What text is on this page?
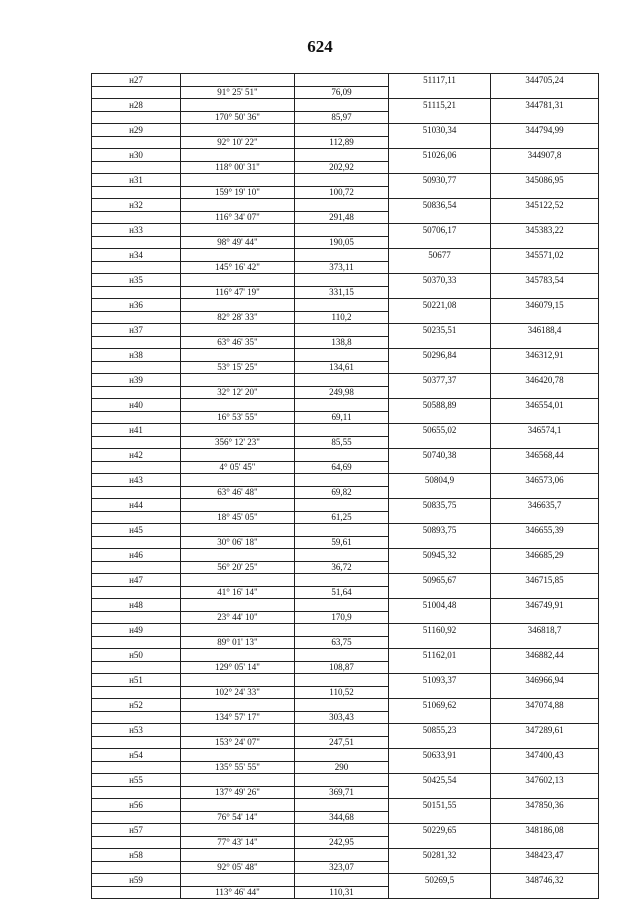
624
н27			51117,11	344705,24
	91° 25' 51"	76,09		
н28			51115,21	344781,31
	170° 50' 36"	85,97		
н29			51030,34	344794,99
	92° 10' 22"	112,89		
н30			51026,06	344907,8
	118° 00' 31"	202,92		
н31			50930,77	345086,95
	159° 19' 10"	100,72		
н32			50836,54	345122,52
	116° 34' 07"	291,48		
н33			50706,17	345383,22
	98° 49' 44"	190,05		
н34			50677	345571,02
	145° 16' 42"	373,11		
н35			50370,33	345783,54
	116° 47' 19"	331,15		
н36			50221,08	346079,15
	82° 28' 33"	110,2		
н37			50235,51	346188,4
	63° 46' 35"	138,8		
н38			50296,84	346312,91
	53° 15' 25"	134,61		
н39			50377,37	346420,78
	32° 12' 20"	249,98		
н40			50588,89	346554,01
	16° 53' 55"	69,11		
н41			50655,02	346574,1
	356° 12' 23"	85,55		
н42			50740,38	346568,44
	4° 05' 45"	64,69		
н43			50804,9	346573,06
	63° 46' 48"	69,82		
н44			50835,75	346635,7
	18° 45' 05"	61,25		
н45			50893,75	346655,39
	30° 06' 18"	59,61		
н46			50945,32	346685,29
	56° 20' 25"	36,72		
н47			50965,67	346715,85
	41° 16' 14"	51,64		
н48			51004,48	346749,91
	23° 44' 10"	170,9		
н49			51160,92	346818,7
	89° 01' 13"	63,75		
н50			51162,01	346882,44
	129° 05' 14"	108,87		
н51			51093,37	346966,94
	102° 24' 33"	110,52		
н52			51069,62	347074,88
	134° 57' 17"	303,43		
н53			50855,23	347289,61
	153° 24' 07"	247,51		
н54			50633,91	347400,43
	135° 55' 55"	290		
н55			50425,54	347602,13
	137° 49' 26"	369,71		
н56			50151,55	347850,36
	76° 54' 14"	344,68		
н57			50229,65	348186,08
	77° 43' 14"	242,95		
н58			50281,32	348423,47
	92° 05' 48"	323,07		
н59			50269,5	348746,32
	113° 46' 44"	110,31		
